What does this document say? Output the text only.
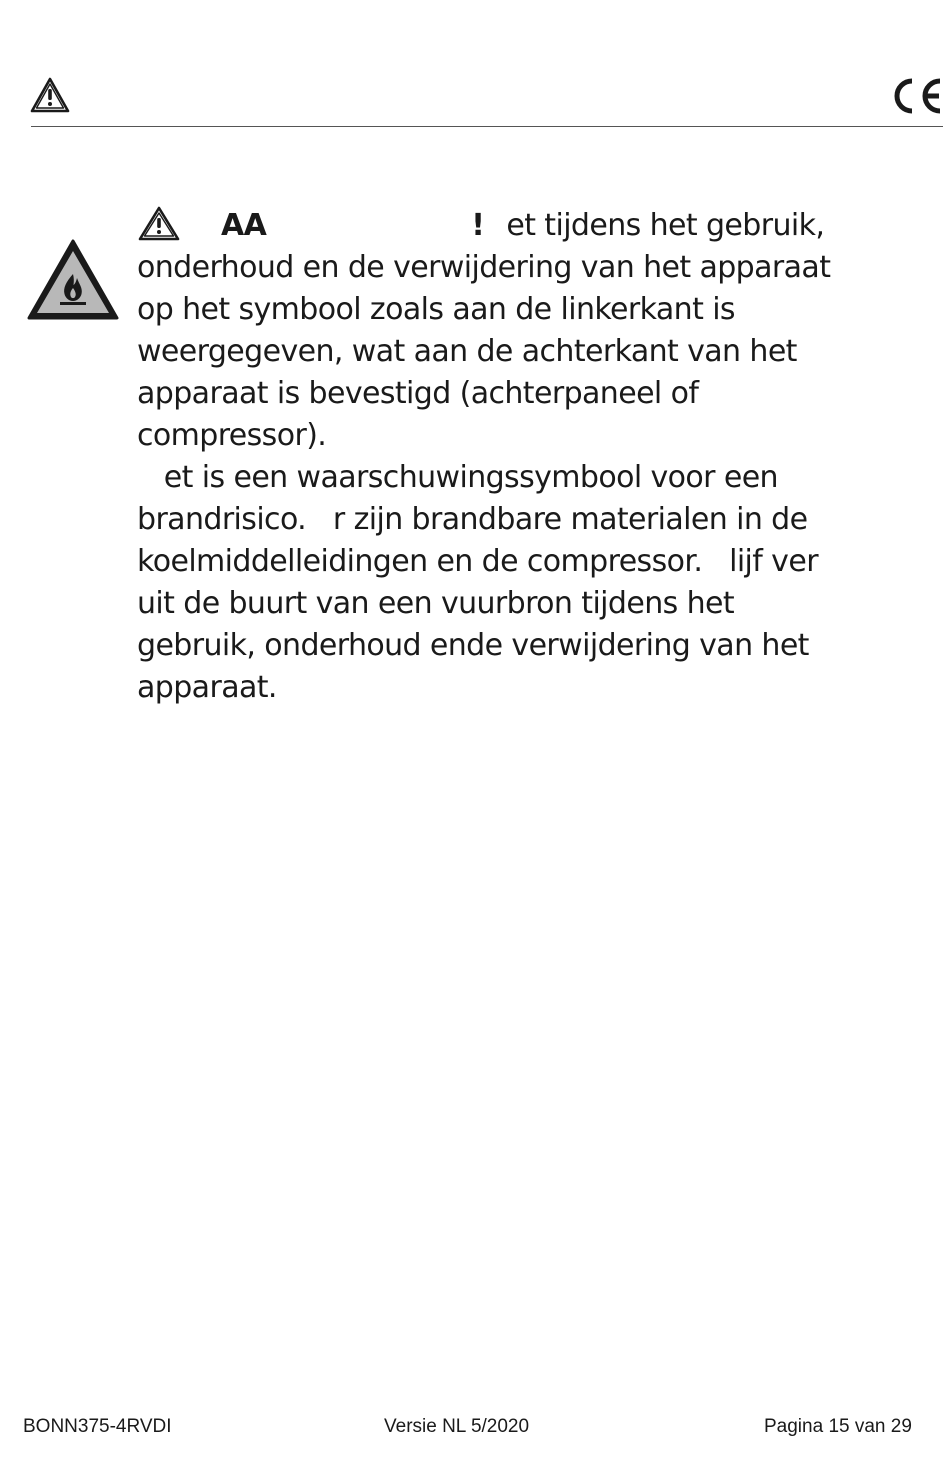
AA	! et tijdens het gebruik,
onderhoud en de verwijdering van het apparaat
op het symbool zoals aan de linkerkant is
weergegeven, wat aan de achterkant van het
apparaat is bevestigd (achterpaneel of
compressor).
et is een waarschuwingssymbool voor een
brandrisico.   r zijn brandbare materialen in de
koelmiddelleidingen en de compressor.   lijf ver
uit de buurt van een vuurbron tijdens het
gebruik, onderhoud ende verwijdering van het
apparaat.
BONN375-4RVDI	Versie NL 5/2020	Pagina 15 van 29
